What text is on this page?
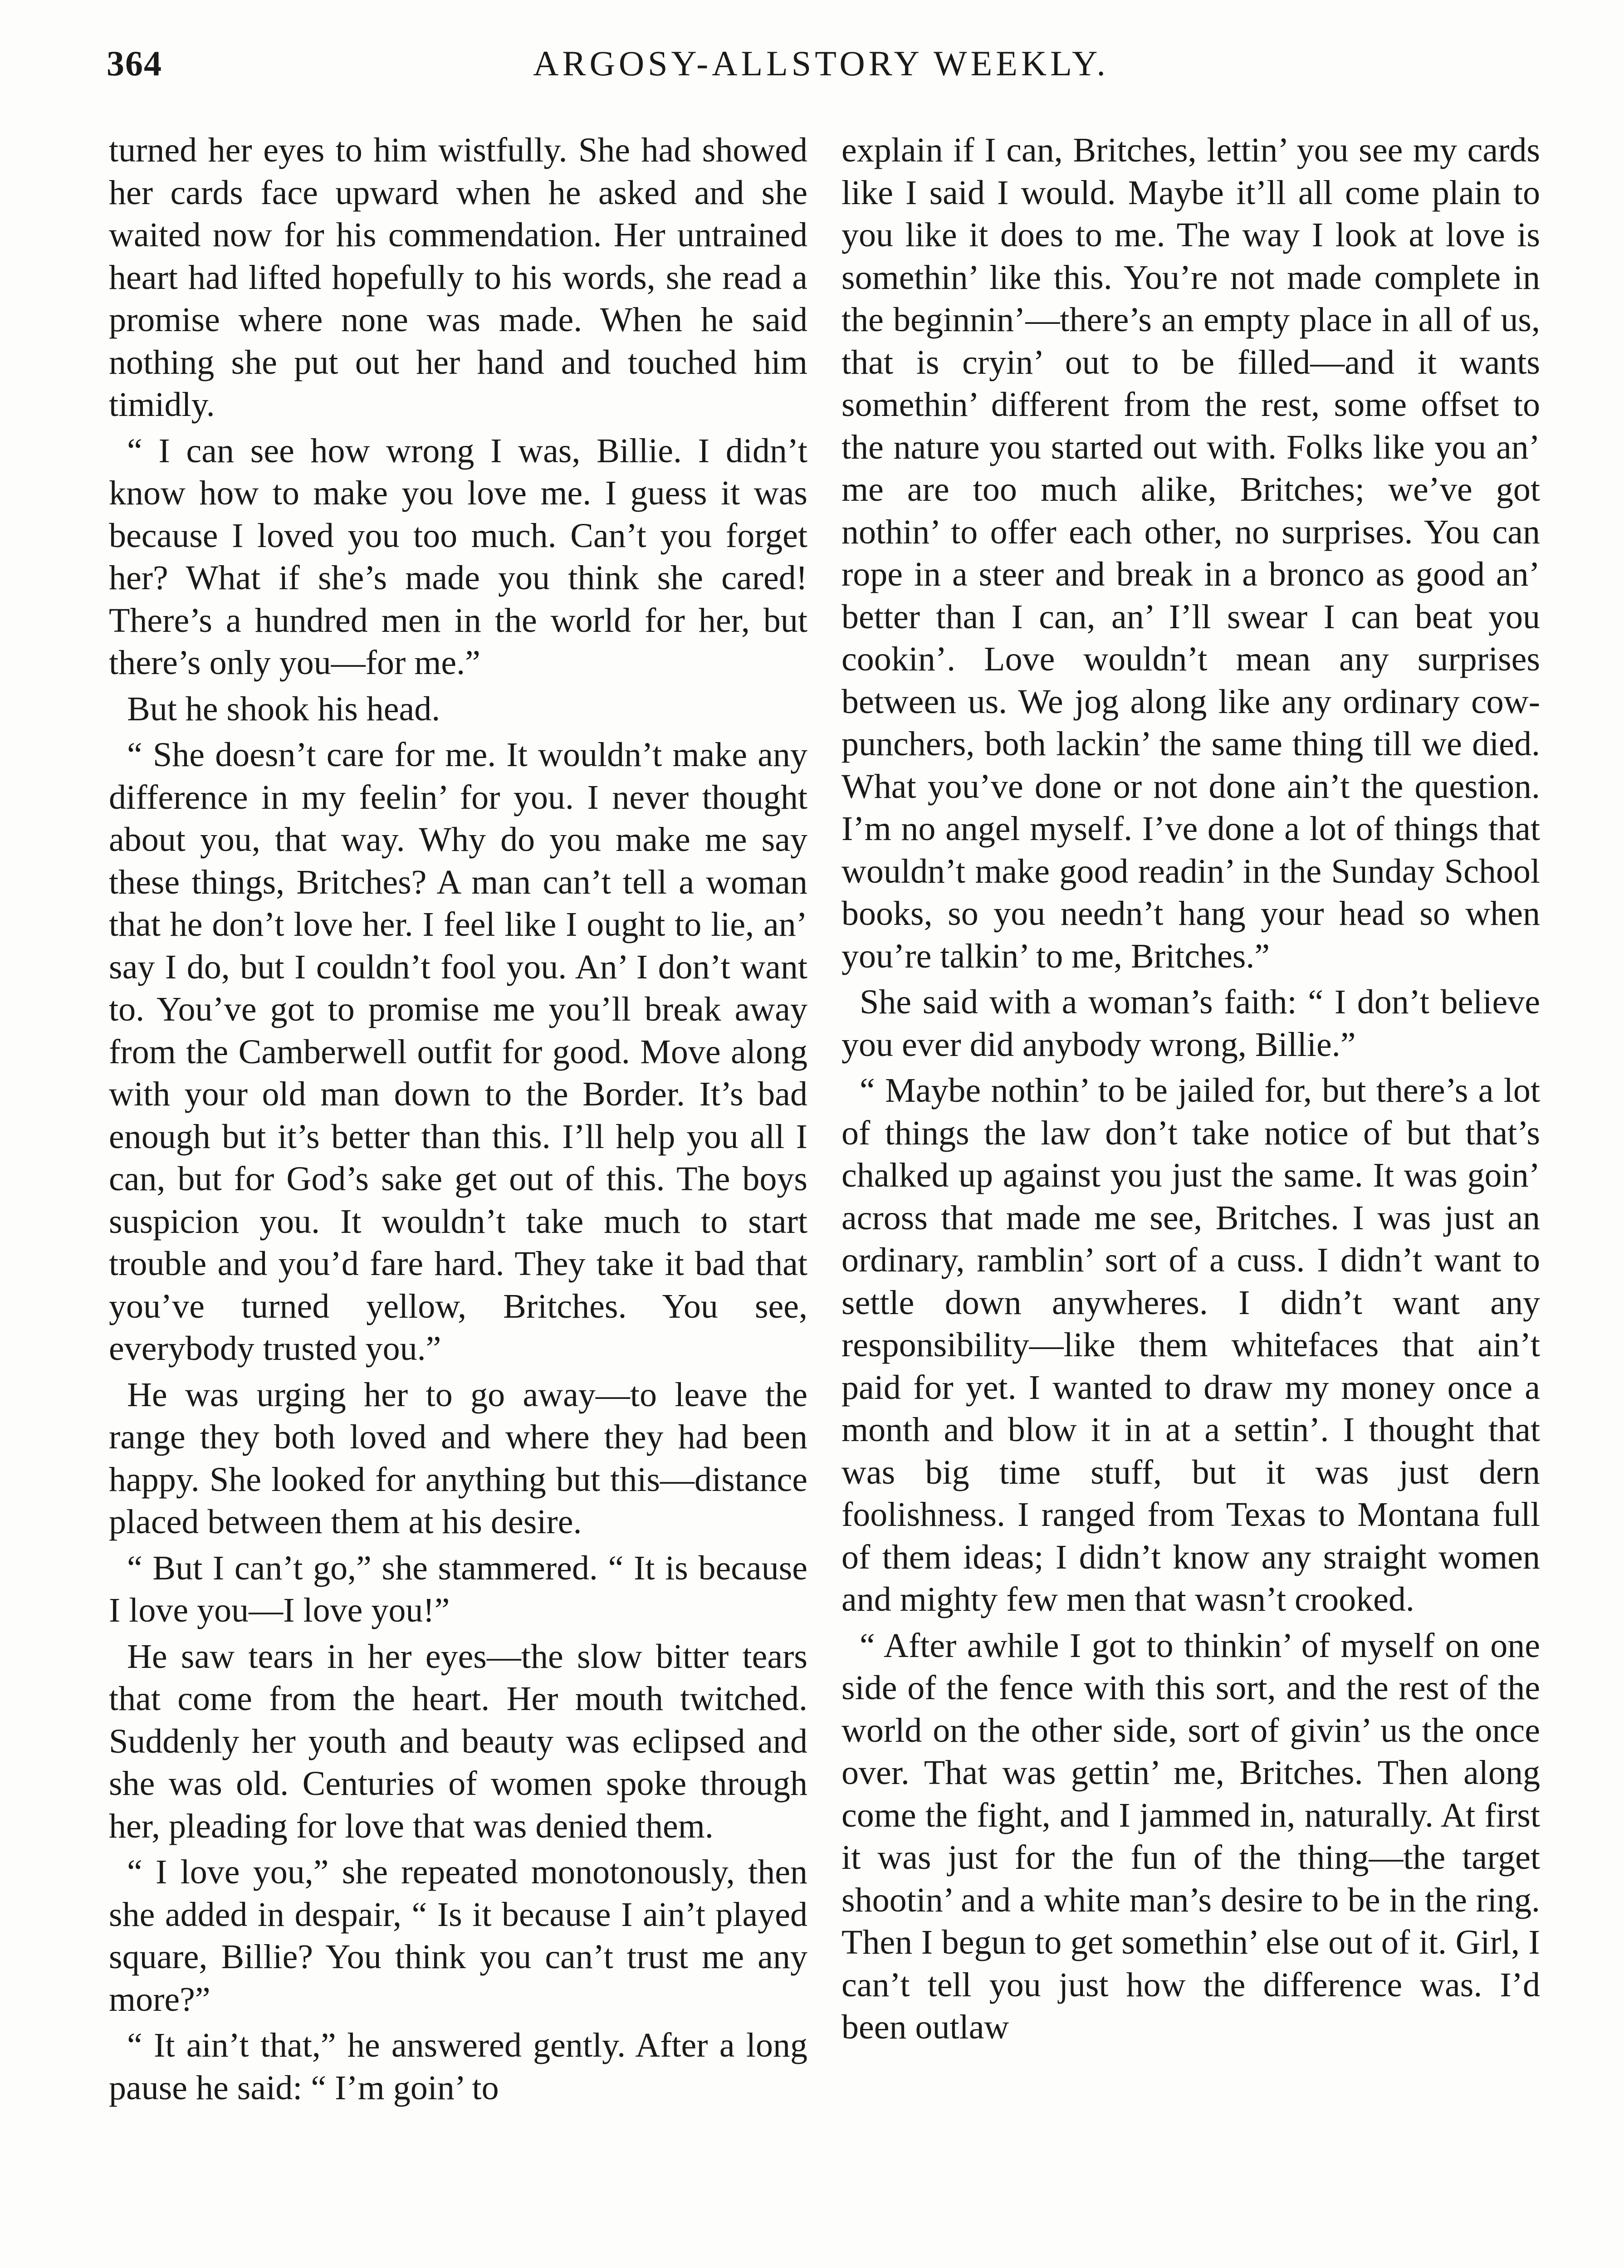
364	ARGOSY-ALLSTORY WEEKLY.

turned her eyes to him wistfully. She had showed her cards face upward when he asked and she waited now for his commendation. Her untrained heart had lifted hopefully to his words, she read a promise where none was made. When he said nothing she put out her hand and touched him timidly.

“ I can see how wrong I was, Billie. I didn’t know how to make you love me. I guess it was because I loved you too much. Can’t you forget her? What if she’s made you think she cared! There’s a hundred men in the world for her, but there’s only you—for me.”

But he shook his head.

“ She doesn’t care for me. It wouldn’t make any difference in my feelin’ for you. I never thought about you, that way. Why do you make me say these things, Britches? A man can’t tell a woman that he don’t love her. I feel like I ought to lie, an’ say I do, but I couldn’t fool you. An’ I don’t want to. You’ve got to promise me you’ll break away from the Camberwell outfit for good. Move along with your old man down to the Border. It’s bad enough but it’s better than this. I’ll help you all I can, but for God’s sake get out of this. The boys suspicion you. It wouldn’t take much to start trouble and you’d fare hard. They take it bad that you’ve turned yellow, Britches. You see, everybody trusted you.”

He was urging her to go away—to leave the range they both loved and where they had been happy. She looked for anything but this—distance placed between them at his desire.

“ But I can’t go,” she stammered. “ It is because I love you—I love you!”

He saw tears in her eyes—the slow bitter tears that come from the heart. Her mouth twitched. Suddenly her youth and beauty was eclipsed and she was old. Centuries of women spoke through her, pleading for love that was denied them.

“ I love you,” she repeated monotonously, then she added in despair, “ Is it because I ain’t played square, Billie? You think you can’t trust me any more?”

“ It ain’t that,” he answered gently. After a long pause he said: “ I’m goin’ to

explain if I can, Britches, lettin’ you see my cards like I said I would. Maybe it’ll all come plain to you like it does to me. The way I look at love is somethin’ like this. You’re not made complete in the beginnin’—there’s an empty place in all of us, that is cryin’ out to be filled—and it wants somethin’ different from the rest, some offset to the nature you started out with. Folks like you an’ me are too much alike, Britches; we’ve got nothin’ to offer each other, no surprises. You can rope in a steer and break in a bronco as good an’ better than I can, an’ I’ll swear I can beat you cookin’. Love wouldn’t mean any surprises between us. We jog along like any ordinary cow-punchers, both lackin’ the same thing till we died. What you’ve done or not done ain’t the question. I’m no angel myself. I’ve done a lot of things that wouldn’t make good readin’ in the Sunday School books, so you needn’t hang your head so when you’re talkin’ to me, Britches.”

She said with a woman’s faith: “ I don’t believe you ever did anybody wrong, Billie.”

“ Maybe nothin’ to be jailed for, but there’s a lot of things the law don’t take notice of but that’s chalked up against you just the same. It was goin’ across that made me see, Britches. I was just an ordinary, ramblin’ sort of a cuss. I didn’t want to settle down anywheres. I didn’t want any responsibility—like them whitefaces that ain’t paid for yet. I wanted to draw my money once a month and blow it in at a settin’. I thought that was big time stuff, but it was just dern foolishness. I ranged from Texas to Montana full of them ideas; I didn’t know any straight women and mighty few men that wasn’t crooked.

“ After awhile I got to thinkin’ of myself on one side of the fence with this sort, and the rest of the world on the other side, sort of givin’ us the once over. That was gettin’ me, Britches. Then along come the fight, and I jammed in, naturally. At first it was just for the fun of the thing—the target shootin’ and a white man’s desire to be in the ring. Then I begun to get somethin’ else out of it. Girl, I can’t tell you just how the difference was. I’d been outlaw
